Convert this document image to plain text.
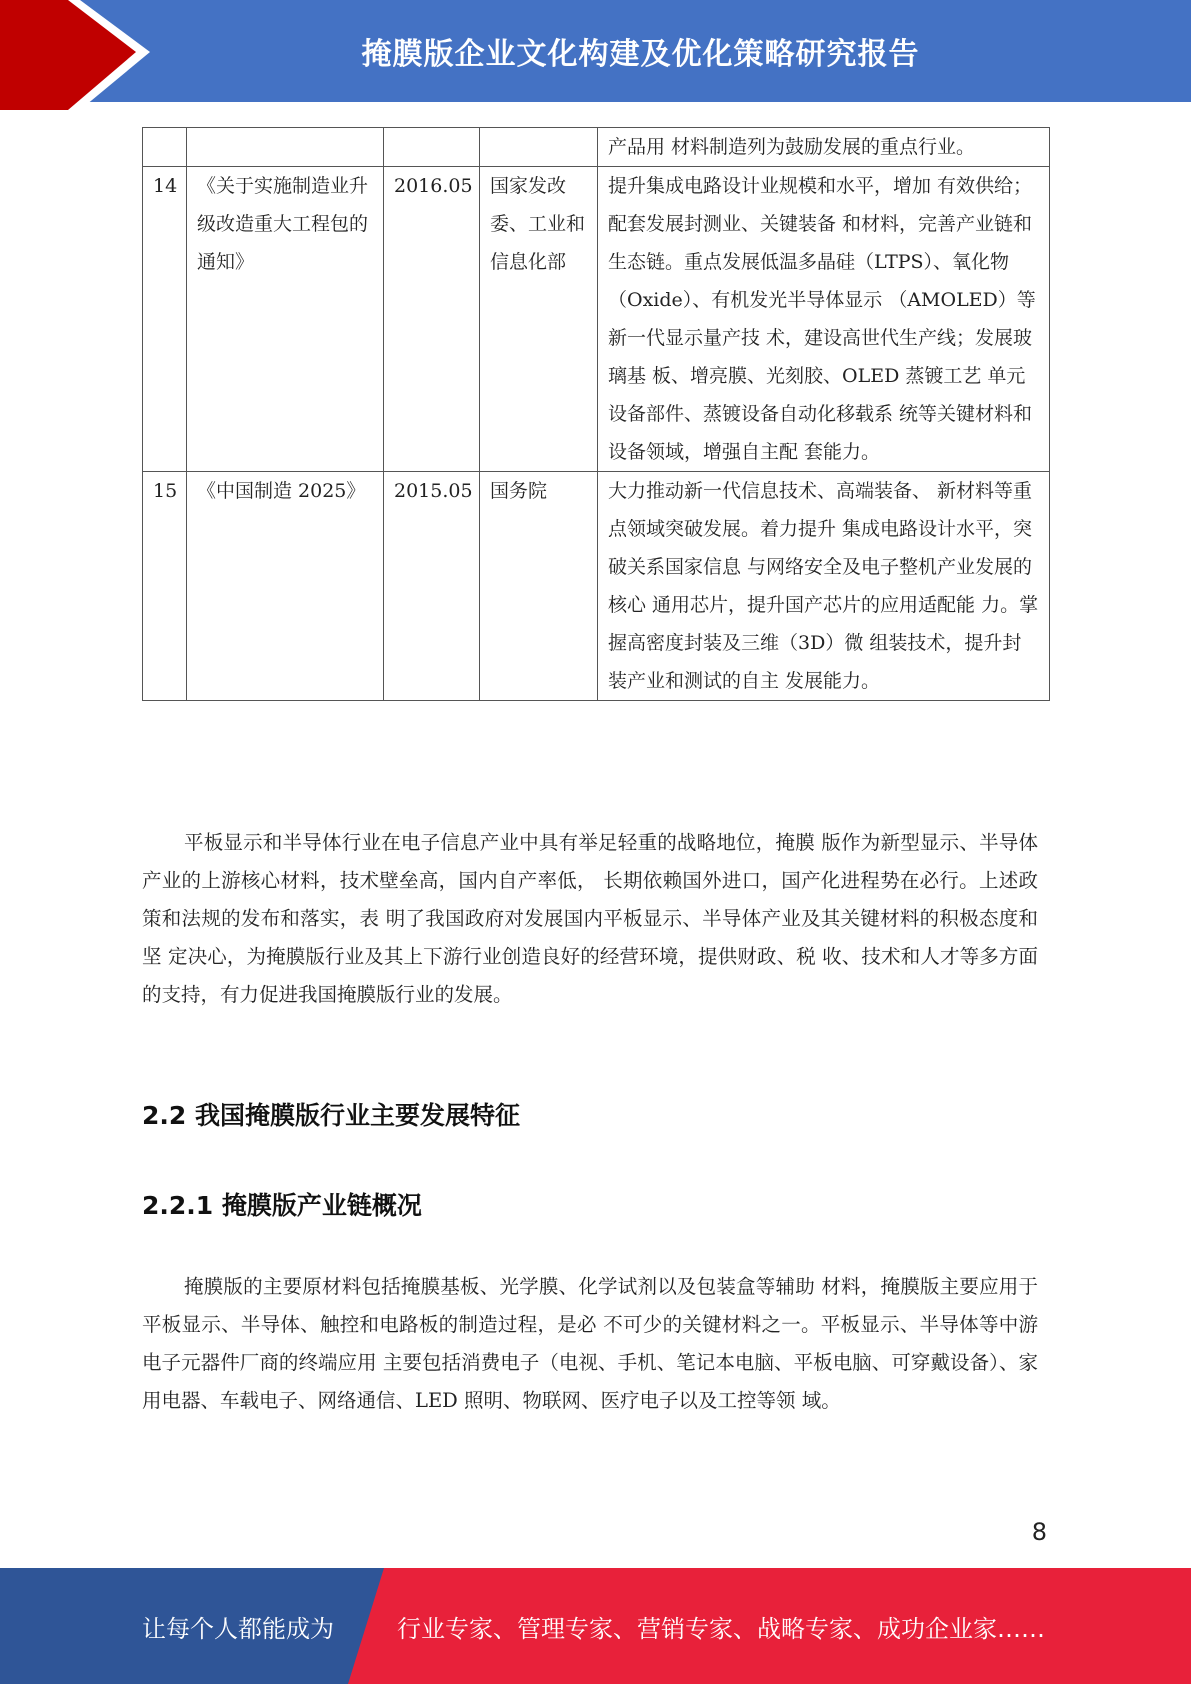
掩膜版企业文化构建及优化策略研究报告
				产品用 材料制造列为鼓励发展的重点行业。
14	《关于实施制造业升级改造重大工程包的通知》	2016.05	国家发改委、工业和信息化部	提升集成电路设计业规模和水平，增加 有效供给；配套发展封测业、关键装备 和材料，完善产业链和生态链。重点发展低温多晶硅（LTPS）、氧化物 （Oxide）、有机发光半导体显示 （AMOLED）等新一代显示量产技 术，建设高世代生产线；发展玻璃基 板、增亮膜、光刻胶、OLED 蒸镀工艺 单元设备部件、蒸镀设备自动化移载系 统等关键材料和设备领域，增强自主配 套能力。
15	《中国制造 2025》	2015.05	国务院	大力推动新一代信息技术、高端装备、 新材料等重点领域突破发展。着力提升 集成电路设计水平，突破关系国家信息 与网络安全及电子整机产业发展的核心 通用芯片，提升国产芯片的应用适配能 力。掌握高密度封装及三维（3D）微 组装技术，提升封装产业和测试的自主 发展能力。

平板显示和半导体行业在电子信息产业中具有举足轻重的战略地位，掩膜 版作为新型显示、半导体产业的上游核心材料，技术壁垒高，国内自产率低， 长期依赖国外进口，国产化进程势在必行。上述政策和法规的发布和落实，表 明了我国政府对发展国内平板显示、半导体产业及其关键材料的积极态度和坚 定决心，为掩膜版行业及其上下游行业创造良好的经营环境，提供财政、税 收、技术和人才等多方面的支持，有力促进我国掩膜版行业的发展。

2.2 我国掩膜版行业主要发展特征
2.2.1 掩膜版产业链概况

掩膜版的主要原材料包括掩膜基板、光学膜、化学试剂以及包装盒等辅助 材料，掩膜版主要应用于平板显示、半导体、触控和电路板的制造过程，是必 不可少的关键材料之一。平板显示、半导体等中游电子元器件厂商的终端应用 主要包括消费电子（电视、手机、笔记本电脑、平板电脑、可穿戴设备）、家 用电器、车载电子、网络通信、LED 照明、物联网、医疗电子以及工控等领 域。

8
让每个人都能成为	行业专家、管理专家、营销专家、战略专家、成功企业家……
